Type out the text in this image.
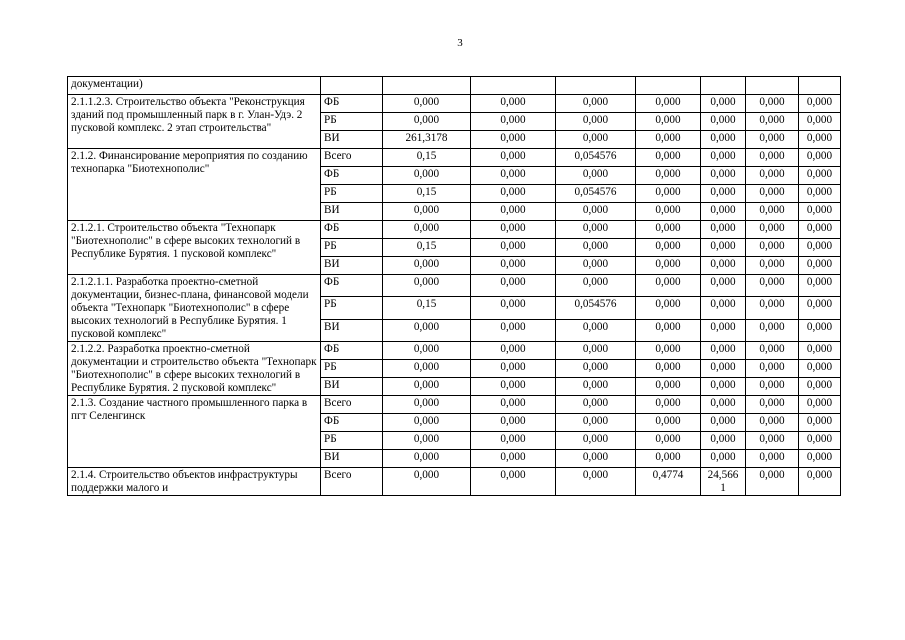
3
документации)								
2.1.1.2.3. Строительство объекта "Реконструкция зданий под промышленный парк в г. Улан-Удэ. 2 пусковой комплекс. 2 этап строительства"	ФБ	0,000	0,000	0,000	0,000	0,000	0,000	0,000
	РБ	0,000	0,000	0,000	0,000	0,000	0,000	0,000
	ВИ	261,3178	0,000	0,000	0,000	0,000	0,000	0,000
2.1.2. Финансирование мероприятия по созданию технопарка "Биотехнополис"	Всего	0,15	0,000	0,054576	0,000	0,000	0,000	0,000
	ФБ	0,000	0,000	0,000	0,000	0,000	0,000	0,000
	РБ	0,15	0,000	0,054576	0,000	0,000	0,000	0,000
	ВИ	0,000	0,000	0,000	0,000	0,000	0,000	0,000
2.1.2.1. Строительство объекта "Технопарк "Биотехнополис" в сфере высоких технологий в Республике Бурятия. 1 пусковой комплекс"	ФБ	0,000	0,000	0,000	0,000	0,000	0,000	0,000
	РБ	0,15	0,000	0,000	0,000	0,000	0,000	0,000
	ВИ	0,000	0,000	0,000	0,000	0,000	0,000	0,000
2.1.2.1.1. Разработка проектно-сметной документации, бизнес-плана, финансовой модели объекта "Технопарк "Биотехнополис" в сфере высоких технологий в Республике Бурятия. 1 пусковой комплекс"	ФБ	0,000	0,000	0,000	0,000	0,000	0,000	0,000
	РБ	0,15	0,000	0,054576	0,000	0,000	0,000	0,000
	ВИ	0,000	0,000	0,000	0,000	0,000	0,000	0,000
2.1.2.2. Разработка проектно-сметной документации и строительство объекта "Технопарк "Биотехнополис" в сфере высоких технологий в Республике Бурятия. 2 пусковой комплекс"	ФБ	0,000	0,000	0,000	0,000	0,000	0,000	0,000
	РБ	0,000	0,000	0,000	0,000	0,000	0,000	0,000
	ВИ	0,000	0,000	0,000	0,000	0,000	0,000	0,000
2.1.3. Создание частного промышленного парка в пгт Селенгинск	Всего	0,000	0,000	0,000	0,000	0,000	0,000	0,000
	ФБ	0,000	0,000	0,000	0,000	0,000	0,000	0,000
	РБ	0,000	0,000	0,000	0,000	0,000	0,000	0,000
	ВИ	0,000	0,000	0,000	0,000	0,000	0,000	0,000
2.1.4. Строительство объектов инфраструктуры поддержки малого и	Всего	0,000	0,000	0,000	0,4774	24,566 1	0,000	0,000
